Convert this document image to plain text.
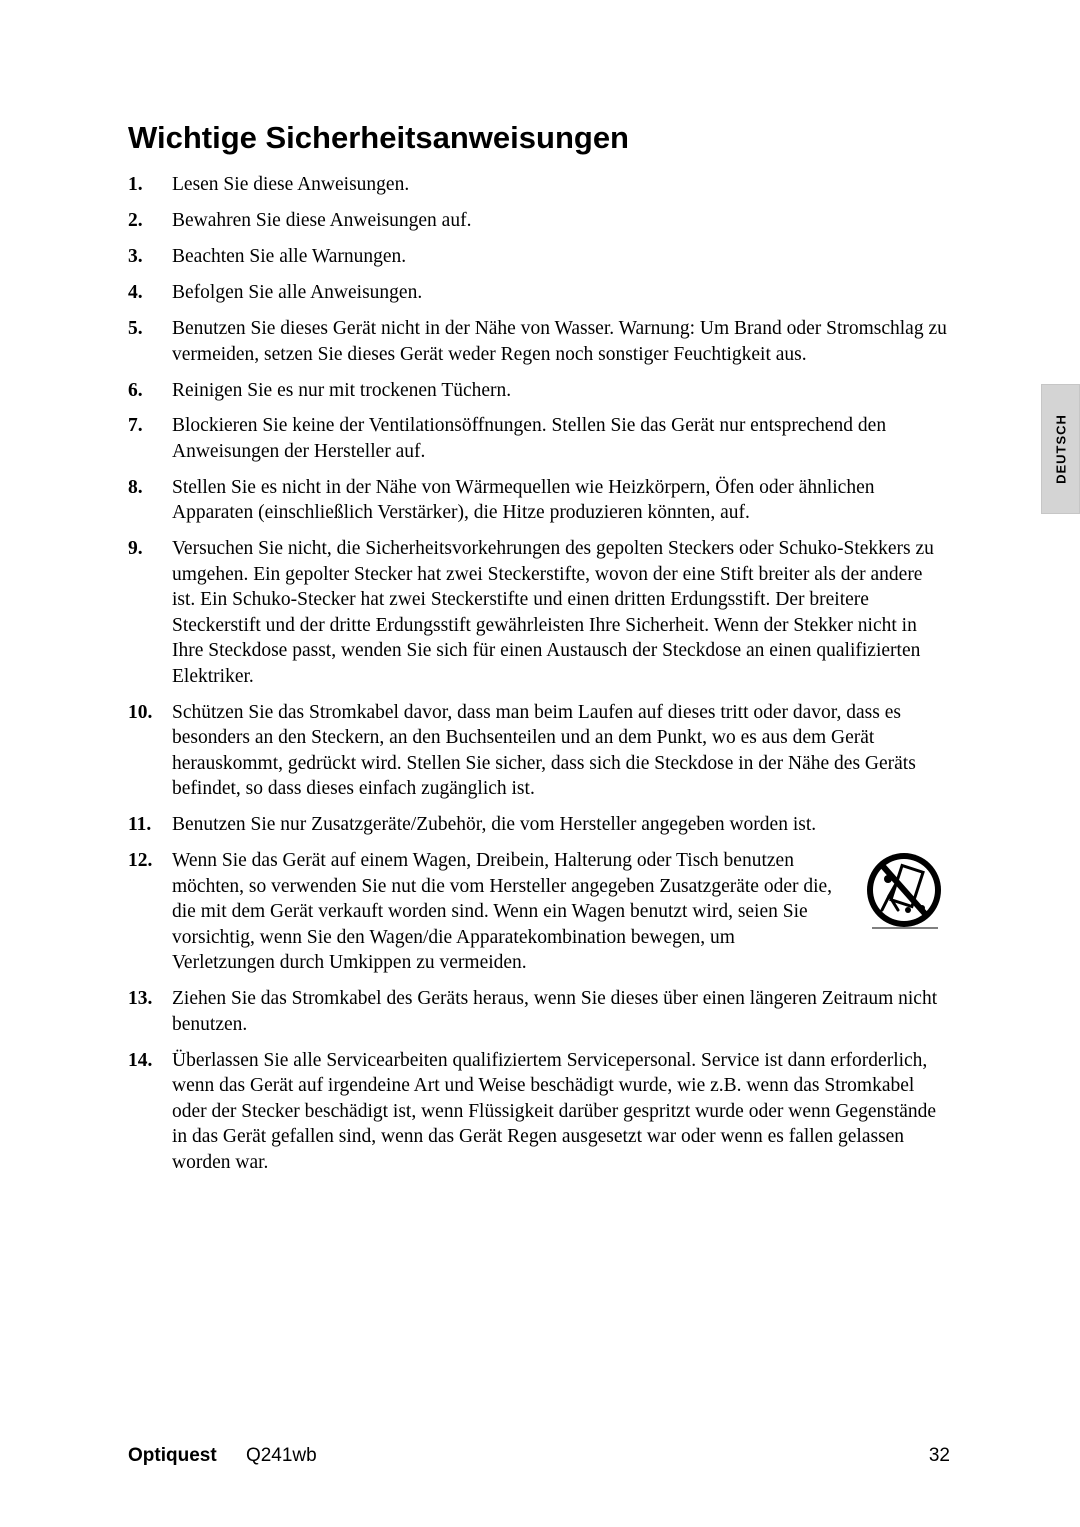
Wichtige Sicherheitsanweisungen
1.	Lesen Sie diese Anweisungen.
2.	Bewahren Sie diese Anweisungen auf.
3.	Beachten Sie alle Warnungen.
4.	Befolgen Sie alle Anweisungen.
5.	Benutzen Sie dieses Gerät nicht in der Nähe von Wasser. Warnung: Um Brand oder Stromschlag zu vermeiden, setzen Sie dieses Gerät weder Regen noch sonstiger Feuchtigkeit aus.
6.	Reinigen Sie es nur mit trockenen Tüchern.
7.	Blockieren Sie keine der Ventilationsöffnungen. Stellen Sie das Gerät nur entsprechend den Anweisungen der Hersteller auf.
8.	Stellen Sie es nicht in der Nähe von Wärmequellen wie Heizkörpern, Öfen oder ähnlichen Apparaten (einschließlich Verstärker), die Hitze produzieren könnten, auf.
9.	Versuchen Sie nicht, die Sicherheitsvorkehrungen des gepolten Steckers oder Schuko-Stekkers zu umgehen. Ein gepolter Stecker hat zwei Steckerstifte, wovon der eine Stift breiter als der andere ist. Ein Schuko-Stecker hat zwei Steckerstifte und einen dritten Erdungsstift. Der breitere Steckerstift und der dritte Erdungsstift gewährleisten Ihre Sicherheit. Wenn der Stekker nicht in Ihre Steckdose passt, wenden Sie sich für einen Austausch der Steckdose an einen qualifizierten Elektriker.
10.	Schützen Sie das Stromkabel davor, dass man beim Laufen auf dieses tritt oder davor, dass es besonders an den Steckern, an den Buchsenteilen und an dem Punkt, wo es aus dem Gerät herauskommt, gedrückt wird. Stellen Sie sicher, dass sich die Steckdose in der Nähe des Geräts befindet, so dass dieses einfach zugänglich ist.
11.	Benutzen Sie nur Zusatzgeräte/Zubehör, die vom Hersteller angegeben worden ist.
12.	Wenn Sie das Gerät auf einem Wagen, Dreibein, Halterung oder Tisch benutzen möchten, so verwenden Sie nut die vom Hersteller angegeben Zusatzgeräte oder die, die mit dem Gerät verkauft worden sind. Wenn ein Wagen benutzt wird, seien Sie vorsichtig, wenn Sie den Wagen/die Apparatekombination bewegen, um Verletzungen durch Umkippen zu vermeiden.
13.	Ziehen Sie das Stromkabel des Geräts heraus, wenn Sie dieses über einen längeren Zeitraum nicht benutzen.
14.	Überlassen Sie alle Servicearbeiten qualifiziertem Servicepersonal. Service ist dann erforderlich, wenn das Gerät auf irgendeine Art und Weise beschädigt wurde, wie z.B. wenn das Stromkabel oder der Stecker beschädigt ist, wenn Flüssigkeit darüber gespritzt wurde oder wenn Gegenstände in das Gerät gefallen sind, wenn das Gerät Regen ausgesetzt war oder wenn es fallen gelassen worden war.
DEUTSCH
Optiquest Q241wb	32
